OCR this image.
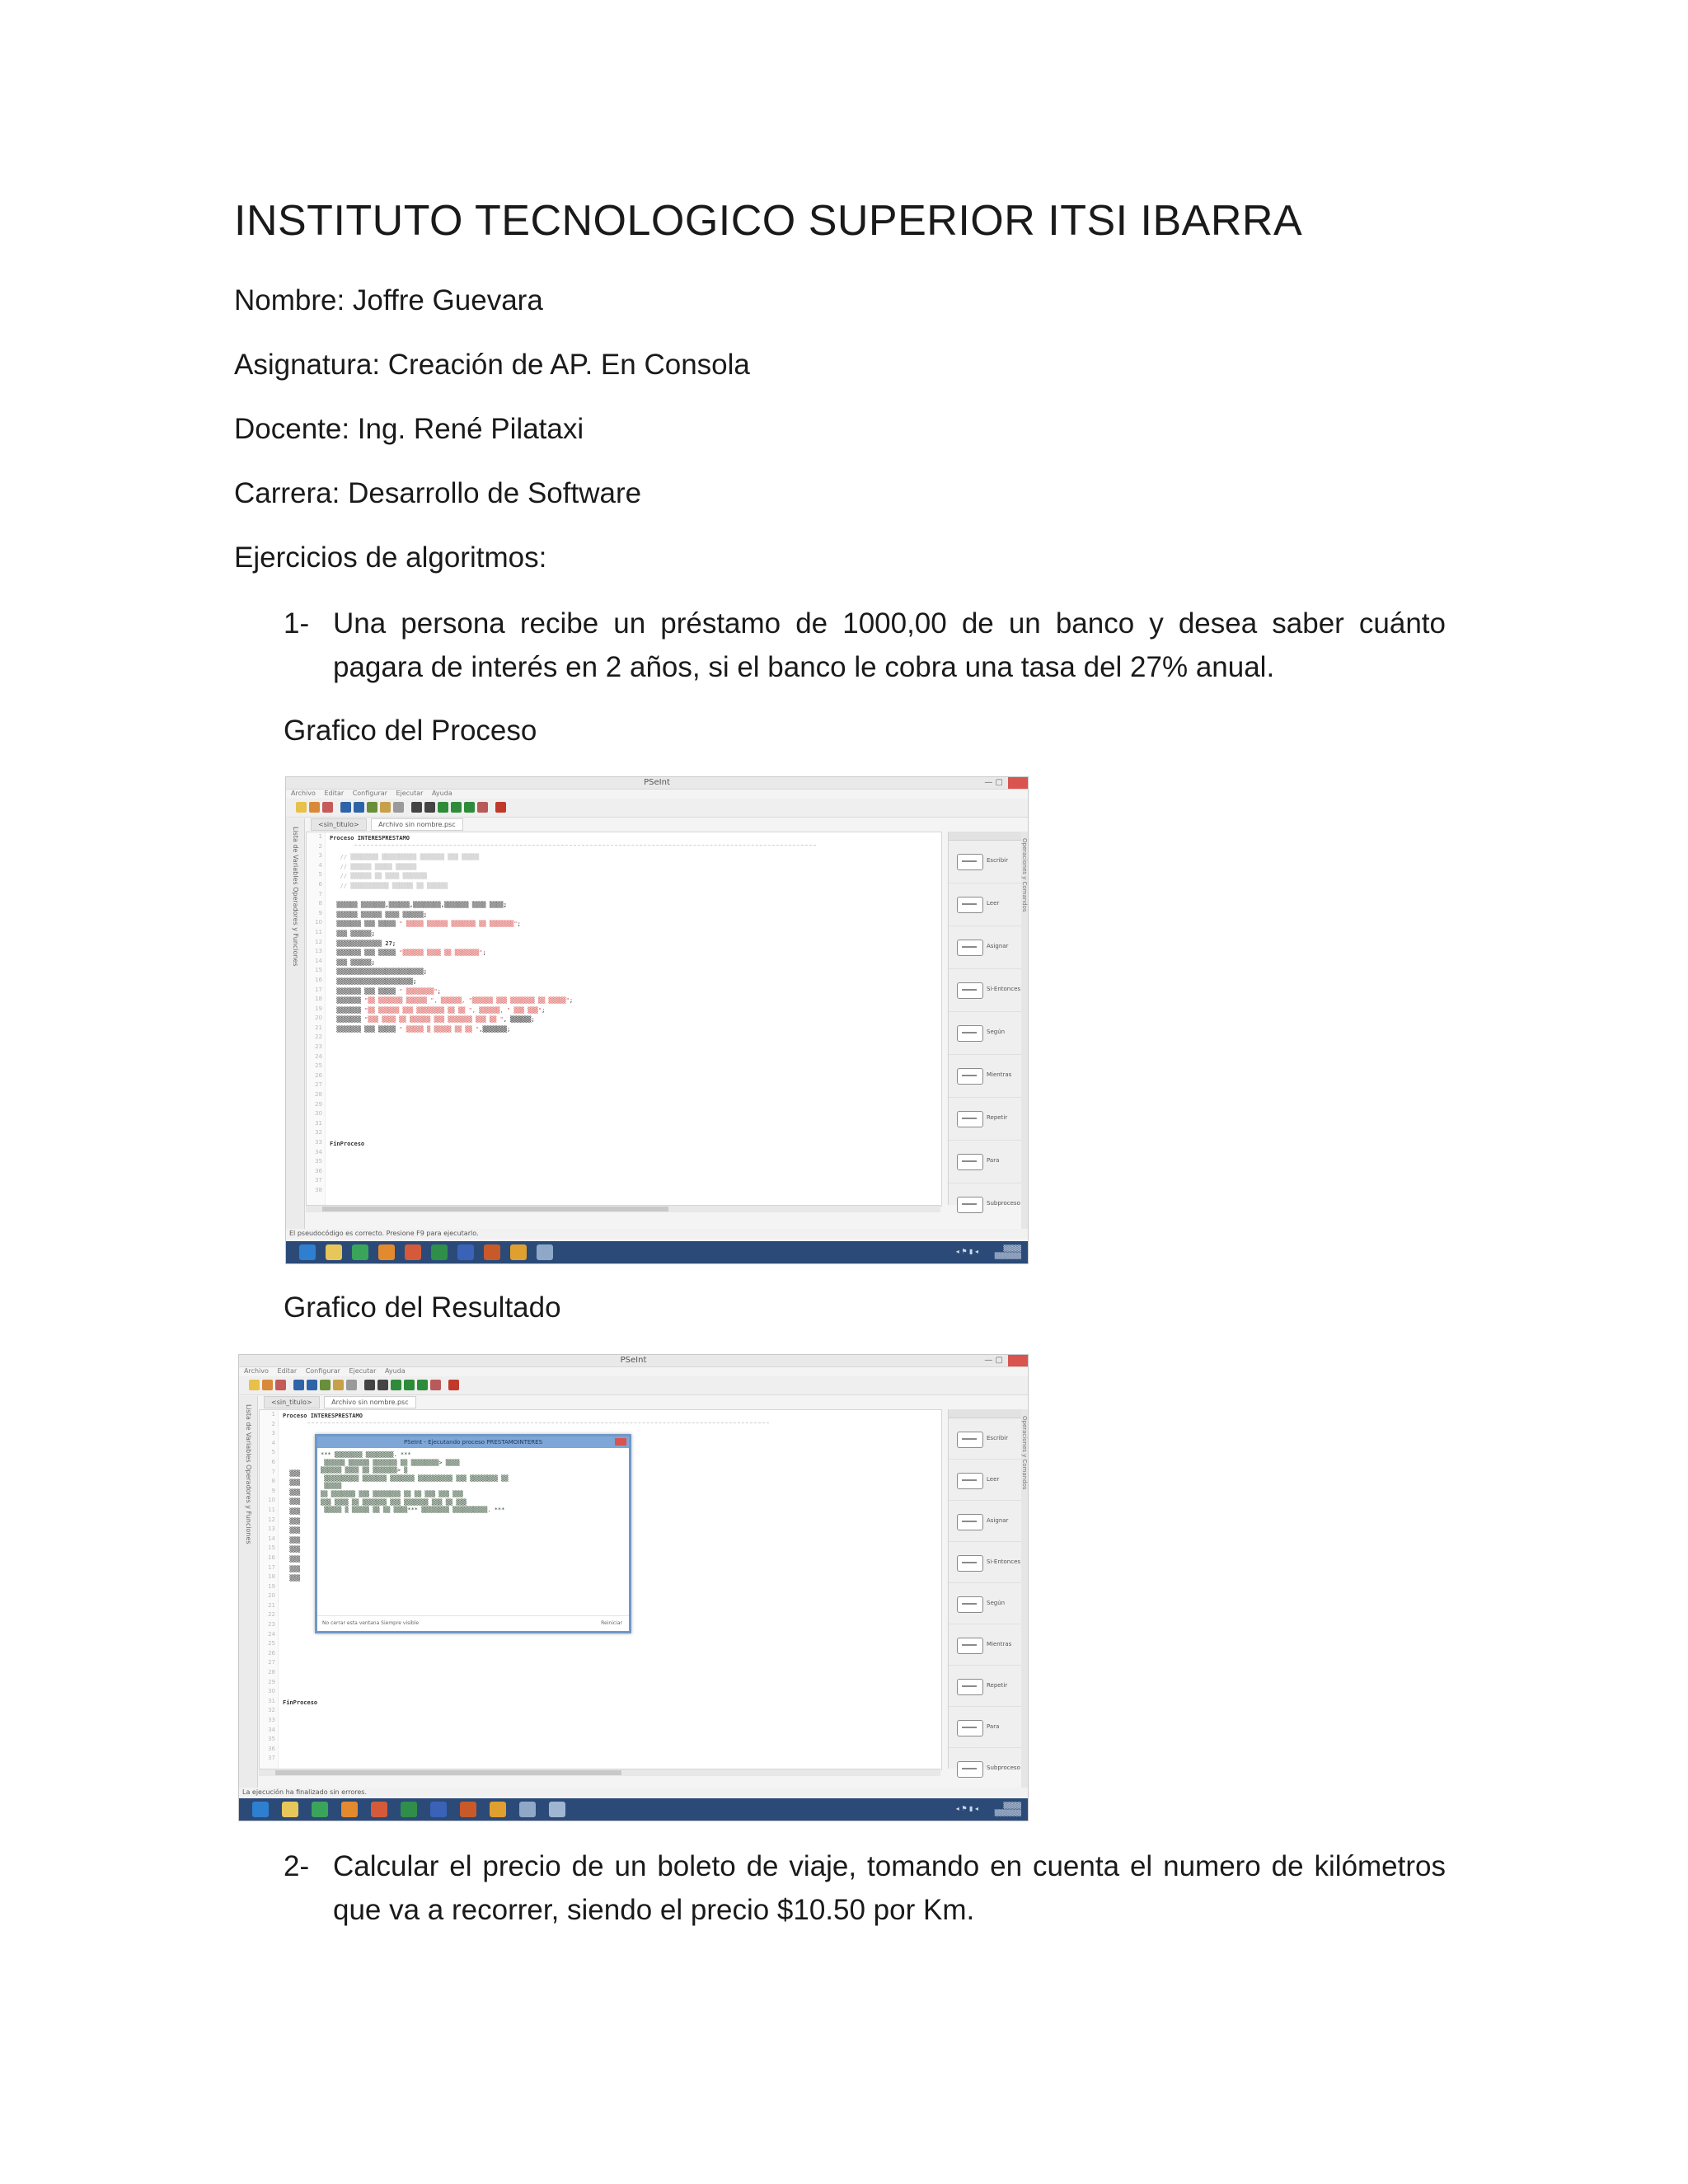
INSTITUTO TECNOLOGICO SUPERIOR ITSI IBARRA
Nombre: Joffre Guevara
Asignatura: Creación de AP. En Consola
Docente: Ing. René Pilataxi
Carrera: Desarrollo de Software
Ejercicios de algoritmos:
1- Una persona recibe un préstamo de 1000,00 de un banco y desea saber cuánto pagara de interés en 2 años, si el banco le cobra una tasa del 27% anual.
Grafico del Proceso
PSeInt	— ▢
Archivo Editar Configurar Ejecutar Ayuda
Lista de Variables Operadores y Funciones
<sin_titulo>	Archivo sin nombre.psc
1
2
3
4
5
6
7
8
9
10
11
12
13
14
15
16
17
18
19
20
21
22
23
24
25
26
27
28
29
30
31
32
33
34
35
36
37
38
Proceso INTERESPRESTAMO

// ▒▒▒▒▒▒▒▒ ▒▒▒▒▒▒▒▒▒▒ ▒▒▒▒▒▒▒ ▒▒▒ ▒▒▒▒▒
// ▒▒▒▒▒▒ ▒▒▒▒▒ ▒▒▒▒▒▒
// ▒▒▒▒▒▒ ▒▒ ▒▒▒▒ ▒▒▒▒▒▒▒
// ▒▒▒▒▒▒▒▒▒▒▒ ▒▒▒▒▒▒ ▒▒ ▒▒▒▒▒▒

▒▒▒▒▒▒ ▒▒▒▒▒▒▒,▒▒▒▒▒▒,▒▒▒▒▒▒▒▒,▒▒▒▒▒▒▒ ▒▒▒▒ ▒▒▒▒;
▒▒▒▒▒▒ ▒▒▒▒▒▒ ▒▒▒▒ ▒▒▒▒▒▒;
▒▒▒▒▒▒▒ ▒▒▒ ▒▒▒▒▒ " ▒▒▒▒▒ ▒▒▒▒▒▒ ▒▒▒▒▒▒▒ ▒▒ ▒▒▒▒▒▒▒";
▒▒▒ ▒▒▒▒▒▒;
▒▒▒▒▒▒▒▒▒▒▒▒▒ 27;
▒▒▒▒▒▒▒ ▒▒▒ ▒▒▒▒▒ "▒▒▒▒▒▒ ▒▒▒▒ ▒▒ ▒▒▒▒▒▒▒";
▒▒▒ ▒▒▒▒▒▒;
▒▒▒▒▒▒▒▒▒▒▒▒▒▒▒▒▒▒▒▒▒▒▒▒▒;
▒▒▒▒▒▒▒▒▒▒▒▒▒▒▒▒▒▒▒▒▒▒;
▒▒▒▒▒▒▒ ▒▒▒ ▒▒▒▒▒ " ▒▒▒▒▒▒▒▒";
▒▒▒▒▒▒▒ "▒▒ ▒▒▒▒▒▒▒ ▒▒▒▒▒▒ ", ▒▒▒▒▒▒, "▒▒▒▒▒▒ ▒▒▒ ▒▒▒▒▒▒▒ ▒▒ ▒▒▒▒▒";
▒▒▒▒▒▒▒ "▒▒ ▒▒▒▒▒▒ ▒▒▒ ▒▒▒▒▒▒▒▒ ▒▒ ▒▒ ", ▒▒▒▒▒▒, " ▒▒▒ ▒▒▒";
▒▒▒▒▒▒▒ "▒▒▒ ▒▒▒▒ ▒▒ ▒▒▒▒▒▒ ▒▒▒ ▒▒▒▒▒▒▒ ▒▒▒ ▒▒ ", ▒▒▒▒▒▒;
▒▒▒▒▒▒▒ ▒▒▒ ▒▒▒▒▒ " ▒▒▒▒▒ ▒ ▒▒▒▒▒ ▒▒ ▒▒ ",▒▒▒▒▒▒▒;

FinProceso
Escribir
Leer
Asignar
Si-Entonces
Según
Mientras
Repetir
Para
Subproceso
Operaciones y Comandos
El pseudocódigo es correcto. Presione F9 para ejecutarlo.
◂ ⚑ ▮ ◂	▒▒▒▒
▒▒▒▒▒▒
Grafico del Resultado
PSeInt	— ▢
Archivo Editar Configurar Ejecutar Ayuda
Lista de Variables Operadores y Funciones
<sin_titulo>	Archivo sin nombre.psc
1
2
3
4
5
6
7
8
9
10
11
12
13
14
15
16
17
18
19
20
21
22
23
24
25
26
27
28
29
30
31
32
33
34
35
36
37
Proceso INTERESPRESTAMO

▒▒▒
▒▒▒
▒▒▒
▒▒▒
▒▒▒
▒▒▒
▒▒▒
▒▒▒
▒▒▒
▒▒▒
▒▒▒
▒▒▒

FinProceso
Escribir
Leer
Asignar
Si-Entonces
Según
Mientras
Repetir
Para
Subproceso
Operaciones y Comandos
PSeInt - Ejecutando proceso PRESTAMOINTERES
*** ▒▒▒▒▒▒▒▒ ▒▒▒▒▒▒▒▒. ***
▒▒▒▒▒▒ ▒▒▒▒▒▒ ▒▒▒▒▒▒▒ ▒▒ ▒▒▒▒▒▒▒▒> ▒▒▒▒
▒▒▒▒▒▒ ▒▒▒▒ ▒▒ ▒▒▒▒▒▒▒> ▒
▒▒▒▒▒▒▒▒▒▒ ▒▒▒▒▒▒▒ ▒▒▒▒▒▒▒ ▒▒▒▒▒▒▒▒▒▒ ▒▒▒ ▒▒▒▒▒▒▒▒ ▒▒
▒▒▒▒▒
▒▒ ▒▒▒▒▒▒▒ ▒▒▒ ▒▒▒▒▒▒▒▒ ▒▒ ▒▒ ▒▒▒ ▒▒▒ ▒▒▒
▒▒▒ ▒▒▒▒ ▒▒ ▒▒▒▒▒▒▒ ▒▒▒ ▒▒▒▒▒▒▒ ▒▒▒ ▒▒ ▒▒▒
▒▒▒▒▒ ▒ ▒▒▒▒▒ ▒▒ ▒▒ ▒▒▒▒*** ▒▒▒▒▒▒▒▒ ▒▒▒▒▒▒▒▒▒▒. ***
No cerrar esta ventana Siempre visible	Reiniciar
La ejecución ha finalizado sin errores.
◂ ⚑ ▮ ◂	▒▒▒▒
▒▒▒▒▒▒
2- Calcular el precio de un boleto de viaje, tomando en cuenta el numero de kilómetros que va a recorrer, siendo el precio $10.50 por Km.
